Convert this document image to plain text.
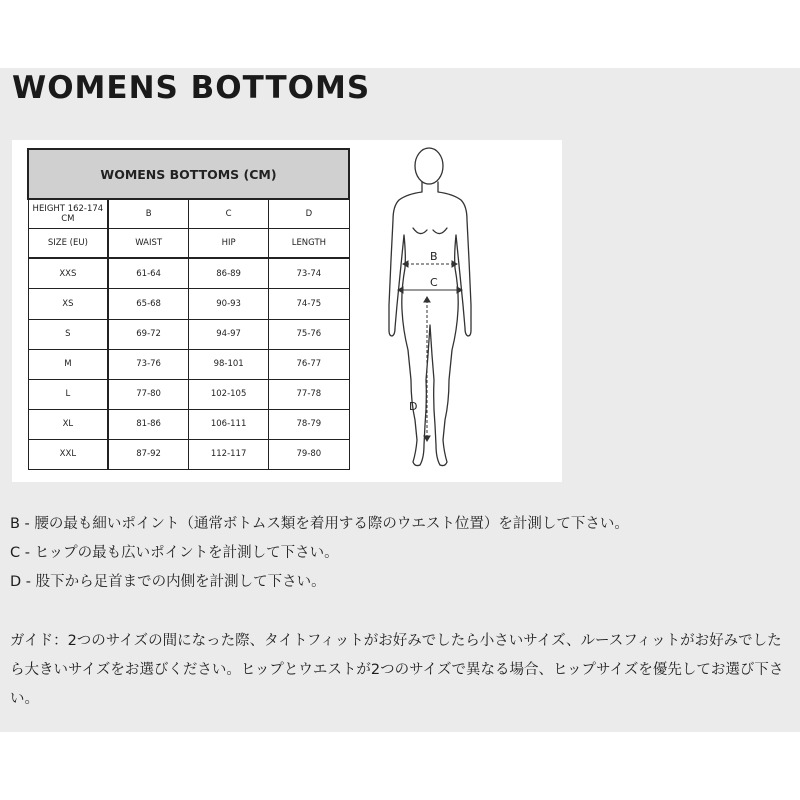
WOMENS BOTTOMS
WOMENS BOTTOMS (CM)			
HEIGHT 162-174 CM	B	C	D
SIZE (EU)	WAIST	HIP	LENGTH
XXS	61-64	86-89	73-74
XS	65-68	90-93	74-75
S	69-72	94-97	75-76
M	73-76	98-101	76-77
L	77-80	102-105	77-78
XL	81-86	106-111	78-79
XXL	87-92	112-117	79-80
B
C
D

B - 腰の最も細いポイント（通常ボトムス類を着用する際のウエスト位置）を計測して下さい。

C - ヒップの最も広いポイントを計測して下さい。

D - 股下から足首までの内側を計測して下さい。

ガイド：2つのサイズの間になった際、タイトフィットがお好みでしたら小さいサイズ、ルースフィットがお好みでしたら大きいサイズをお選びください。ヒップとウエストが2つのサイズで異なる場合、ヒップサイズを優先してお選び下さい。
